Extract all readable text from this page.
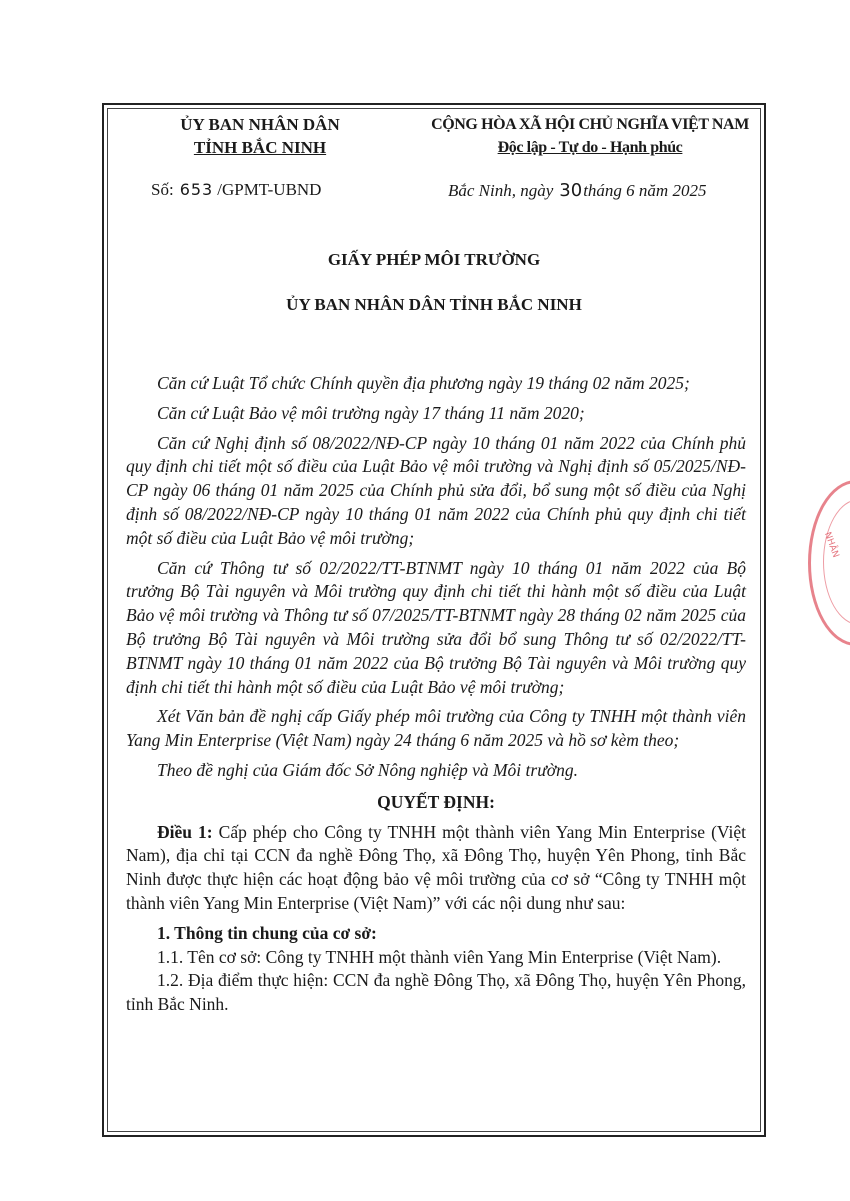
ỦY BAN NHÂN DÂN
TỈNH BẮC NINH
CỘNG HÒA XÃ HỘI CHỦ NGHĨA VIỆT NAM
Độc lập - Tự do - Hạnh phúc
Số: 653 /GPMT-UBND	Bắc Ninh, ngày 30tháng 6 năm 2025
GIẤY PHÉP MÔI TRƯỜNG
ỦY BAN NHÂN DÂN TỈNH BẮC NINH

Căn cứ Luật Tổ chức Chính quyền địa phương ngày 19 tháng 02 năm 2025;

Căn cứ Luật Bảo vệ môi trường ngày 17 tháng 11 năm 2020;

Căn cứ Nghị định số 08/2022/NĐ-CP ngày 10 tháng 01 năm 2022 của Chính phủ quy định chi tiết một số điều của Luật Bảo vệ môi trường và Nghị định số 05/2025/NĐ-CP ngày 06 tháng 01 năm 2025 của Chính phủ sửa đổi, bổ sung một số điều của Nghị định số 08/2022/NĐ-CP ngày 10 tháng 01 năm 2022 của Chính phủ quy định chi tiết một số điều của Luật Bảo vệ môi trường;

Căn cứ Thông tư số 02/2022/TT-BTNMT ngày 10 tháng 01 năm 2022 của Bộ trưởng Bộ Tài nguyên và Môi trường quy định chi tiết thi hành một số điều của Luật Bảo vệ môi trường và Thông tư số 07/2025/TT-BTNMT ngày 28 tháng 02 năm 2025 của Bộ trưởng Bộ Tài nguyên và Môi trường sửa đổi bổ sung Thông tư số 02/2022/TT-BTNMT ngày 10 tháng 01 năm 2022 của Bộ trưởng Bộ Tài nguyên và Môi trường quy định chi tiết thi hành một số điều của Luật Bảo vệ môi trường;

Xét Văn bản đề nghị cấp Giấy phép môi trường của Công ty TNHH một thành viên Yang Min Enterprise (Việt Nam) ngày 24 tháng 6 năm 2025 và hồ sơ kèm theo;

Theo đề nghị của Giám đốc Sở Nông nghiệp và Môi trường.

QUYẾT ĐỊNH:

Điều 1: Cấp phép cho Công ty TNHH một thành viên Yang Min Enterprise (Việt Nam), địa chỉ tại CCN đa nghề Đông Thọ, xã Đông Thọ, huyện Yên Phong, tỉnh Bắc Ninh được thực hiện các hoạt động bảo vệ môi trường của cơ sở “Công ty TNHH một thành viên Yang Min Enterprise (Việt Nam)” với các nội dung như sau:

1. Thông tin chung của cơ sở:

1.1. Tên cơ sở: Công ty TNHH một thành viên Yang Min Enterprise (Việt Nam).

1.2. Địa điểm thực hiện: CCN đa nghề Đông Thọ, xã Đông Thọ, huyện Yên Phong, tỉnh Bắc Ninh.

NHÂN
